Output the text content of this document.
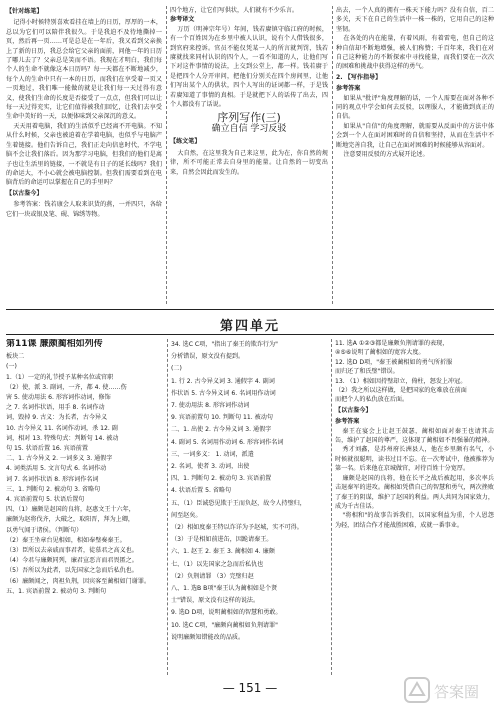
【针对练笔】

记得小时候特别喜欢看挂在墙上的日历，厚厚的一本，总以为它们可以陪伴我很久。于是我迫不及待地撕掉一页，然后再一页……可是总是在一年后，我又看到父亲换上了新的日历，我总会给它父亲的面前，问他一年的日历了哪儿去了？父亲总是笑而不语。我现在才明白，我们每个人的生命不就像这本日历吗？每一天都在不断地减少，每个人的生命中只有一本的日历，而我们在享受着一页又一页地过，我们唯一能做的就是让我们每一天过得有意义，使我们生命的长度是否接受了一点点，但我们可以让每一天过得充实，让它们值得被我们回忆，让我们去享受生命中美好的一天，以便体味到父亲深沉的意义。

天天用着电脑，我们的生活似乎已经离不开电脑。不知从什么时候，父亲也被迫着在学着电脑，也似乎与电脑产生着链接。他们告诉自己，我们正走向信息时代，不学电脑不会让我们落后。因为那学习电脑，但我们的他们是离子也让生活里的链接，一不就是有日子的延长线吗？我们的命运大，不小心就会被电脑控制。但我们需要看到在电脑背后的命运可以掌握在自己的手里吗？

【以古鉴今】

参考答案：钱若康会人取来识货的燕，一并四只，各给它们一块或银及笔、砚、锦绣等物。

四个地方，让它们写供状，人们就有不少乐言。

参考译文

万历（明神宗年号）年间，钱若赓镇守临江府的时候，有一个百姓因为在乡里中被人认识，说有个人借钱很多，到官府来控诉。官员不能仅凭某一人的所言就判罚，钱若赓就找来同村认识的四个人，一看不知道的人，让他们写下对这件事情的说法，上交到公堂上，都一样。钱若赓于是把四个人分开审问，把他们分别关在四个房间里，让他们写出某个人的供状，四个人写出的证词都一样，于是钱若赓知道了事情的真相。于是就把下人的话传了出去，四个人都没有了话说。

序列写作(三)
确立自信 学习反驳
【练文笔】

大自然，在这里我为自己来这里，此为在，你自然的规律，所不可能正常去自身里的能量。让自然的一切变出来，自然会因此而发生的。

出去，一个人真的拥有一株天下能力吗？没有自信，百二多关，天下在自己的生活中一株一株的，它用自己的这种坚韧。

在各处的内在能量，有着风雨，有着雷电，但自己的这种自信却不断地增强，被人们称赞；千百年来，我们在对自己这种能力的不断探索中寻找能量，而我们要在一次次的困难和挑战中获得这样的勇气。

2. 【写作指导】

参考答案

如果从"批评"角度理解的话，一个人需要在面对各种不同的观点中学会如何去反驳，以理服人，才能做到真正的自信。

如果从"自信"的角度理解，就需要从反面中的方法中体会到一个人在面对困难时的自信和坚持，从而在生活中不断地完善自我，让自己在面对困难的时候能够从容面对。

注意要用反驳的方式展开论述。

第四单元
第11课 廉颇蔺相如列传
板块二
(一)
1.（1）一定的礼节授予某种名位或官职
（2）使，派 3. 副词，一齐，都 4. 使……伤
害 5. 使动用法 6. 形容词作动词，修饰
之 7. 名词作状语，用手 8. 名词作动
词，毁掉 9. 古义：为长者，古今异义
10. 古今异义 11. 名词作动词，杀 12. 副
词，相对 13. 特殊句式：判断句 14. 被动
句 15. 状语后置 16. 宾语前置
二、1. 古今异义 2. 一词多义 3. 通假字
4. 词类活用 5. 文言句式 6. 名词作动
词 7. 名词作状语 8. 形容词作名词
三、1. 判断句 2. 被动句 3. 省略句
4. 宾语前置句 5. 状语后置句
四、（1）廉颇是赵国的良将，赵惠文王十六年，
廉颇为赵将伐齐，大破之，取阳晋，拜为上卿，
以勇气闻于诸侯。（判断句）
（2）秦王坐章台见相如，相如奉璧奏秦王。
（3）臣所以去亲戚而事君者，徒慕君之高义也。
（4）今君与廉颇同列，廉君宣恶言而君畏匿之。
（5）吾所以为此者，以先国家之急而后私仇也。
（6）廉颇闻之，肉袒负荆，因宾客至蔺相如门谢罪。
五、1. 宾语前置 2. 被动句 3. 判断句
34. 选C C项，"指出了秦王的欺诈行为"
分析错误，原文没有提到。
(二)
1. 行 2. 古今异义词 3. 通假字 4. 副词
作状语 5. 古今异义词 6. 名词用作动词
7. 使动用法 8. 形容词作动词
9. 宾语前置句 10. 判断句 11. 被动句
二、1. 出使 2. 古今异义词 3. 通假字
4. 副词 5. 名词用作动词 6. 形容词作名词
三、一词多义： 1. 动词，派遣
2. 名词，使者 3. 动词，出使
四、1. 判断句 2. 被动句 3. 宾语前置
4. 状语后置 5. 省略句
五、（1）臣诚恐见欺于王而负赵，故令人持璧归，
间至赵矣。
（2）相如度秦王特以诈详为予赵城，实不可得。
（3）于是相如前进缶，因跪请秦王。
六、1. 赵王 2. 秦王 3. 蔺相如 4. 廉颇
七、（1）以先国家之急而后私仇也
（2）负荆请罪 （3）完璧归赵
八、1. 选B B项"秦王认为蔺相如是个贤
士"错误，原文没有这样的说法。
9. 选D D项，说明蔺相如的智慧和勇敢。
10. 选C C项，"廉颇向蔺相如负荆请罪"
说明廉颇知错能改的品质。
11. 选A ①②③都是廉颇负荆请罪的表现，
④⑤⑥说明了蔺相如的宽容大度。
12. 选D D项，"秦王被蔺相如的勇气所折服
而归还了和氏璧"错误。
13. （1）相如因持璧却立，倚柱，怒发上冲冠。
（2）我之所以这样做，是把国家的危难放在前面
而把个人的私仇放在后面。
【以古鉴今】

参考答案

秦王在宴会上让赵王鼓瑟，蔺相如面对秦王也请其击缶，维护了赵国的尊严，这体现了蔺相如不畏强暴的精神。

秀才刘鑫，是苏州府长洲县人，他在乡里颇有名气，小时候就很聪明，读书过目不忘。在一次考试中，他被推荐为第一名。后来他在京城做官，对待百姓十分宽厚。

廉颇是赵国的良将，他在长平之战后被起用，多次率兵击退秦军的进攻。蔺相如凭借自己的智慧和勇气，两次挫败了秦王的阴谋，维护了赵国的利益。两人共同为国家效力，成为千古佳话。

"将相和"的故事告诉我们，以国家利益为重，个人恩怨为轻，团结合作才能战胜困难，成就一番事业。

— 151 —	答案圈
